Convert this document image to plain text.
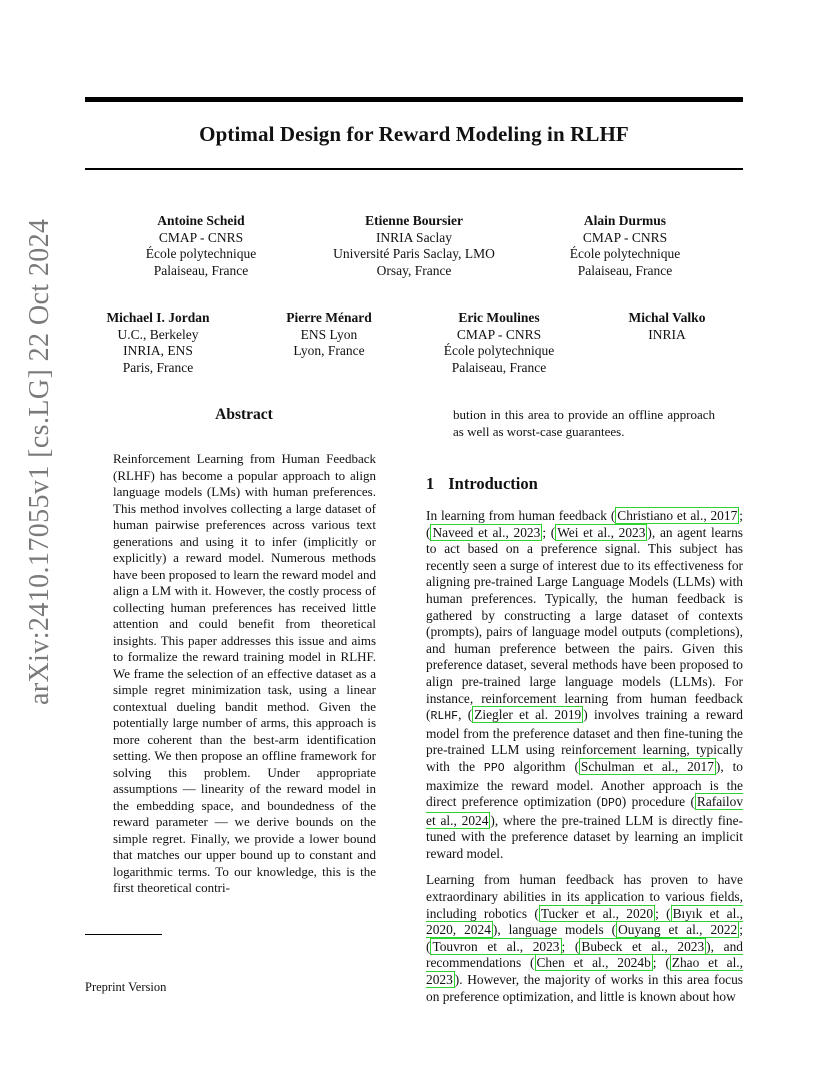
Optimal Design for Reward Modeling in RLHF
arXiv:2410.17055v1 [cs.LG] 22 Oct 2024	Antoine Scheid
CMAP - CNRS
École polytechnique
Palaiseau, France
Etienne Boursier
INRIA Saclay
Université Paris Saclay, LMO
Orsay, France
Alain Durmus
CMAP - CNRS
École polytechnique
Palaiseau, France
Michael I. Jordan
U.C., Berkeley
INRIA, ENS
Paris, France
Pierre Ménard
ENS Lyon
Lyon, France
Eric Moulines
CMAP - CNRS
École polytechnique
Palaiseau, France
Michal Valko
INRIA
Abstract

Reinforcement Learning from Human Feedback (RLHF) has become a popular approach to align language models (LMs) with human preferences. This method involves collecting a large dataset of human pairwise preferences across various text generations and using it to infer (implicitly or explicitly) a reward model. Numerous methods have been proposed to learn the reward model and align a LM with it. However, the costly process of collecting human preferences has received little attention and could benefit from theoretical insights. This paper addresses this issue and aims to formalize the reward training model in RLHF. We frame the selection of an effective dataset as a simple regret minimization task, using a linear contextual dueling bandit method. Given the potentially large number of arms, this approach is more coherent than the best-arm identification setting. We then propose an offline framework for solving this problem. Under appropriate assumptions — linearity of the reward model in the embedding space, and boundedness of the reward parameter — we derive bounds on the simple regret. Finally, we provide a lower bound that matches our upper bound up to constant and logarithmic terms. To our knowledge, this is the first theoretical contri-

bution in this area to provide an offline approach as well as worst-case guarantees.

1 Introduction

In learning from human feedback ( Christiano et al., 2017 ; ( Naveed et al., 2023 ; ( Wei et al., 2023 ), an agent learns to act based on a preference signal. This subject has recently seen a surge of interest due to its effectiveness for aligning pre-trained Large Language Models (LLMs) with human preferences. Typically, the human feedback is gathered by constructing a large dataset of contexts (prompts), pairs of language model outputs (completions), and human preference between the pairs. Given this preference dataset, several methods have been proposed to align pre-trained large language models (LLMs). For instance, reinforcement learning from human feedback (RLHF, ( Ziegler et al. 2019 ) involves training a reward model from the preference dataset and then fine-tuning the pre-trained LLM using reinforcement learning, typically with the PPO algorithm ( Schulman et al., 2017 ), to maximize the reward model. Another approach is the direct preference optimization (DPO) procedure ( Rafailov et al., 2024 ), where the pre-trained LLM is directly fine-tuned with the preference dataset by learning an implicit reward model.

Learning from human feedback has proven to have extraordinary abilities in its application to various fields, including robotics ( Tucker et al., 2020 ; ( Bıyık et al., 2020, 2024 ), language models ( Ouyang et al., 2022 ; ( Touvron et al., 2023 ; ( Bubeck et al., 2023 ), and recommendations ( Chen et al., 2024b ; ( Zhao et al., 2023 ). However, the majority of works in this area focus on preference optimization, and little is known about how

Preprint Version
